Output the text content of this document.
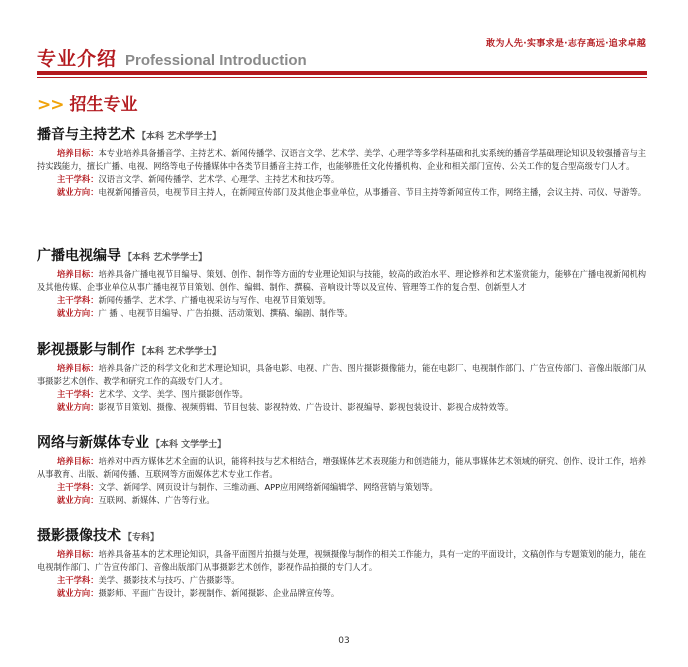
敢为人先·实事求是·志存高远·追求卓越
专业介绍 Professional Introduction
>> 招生专业
播音与主持艺术 【本科 艺术学学士】
培养目标：本专业培养具备播音学、主持艺术、新闻传播学、汉语言文学、艺术学、美学、心理学等多学科基础和扎实系统的播音学基础理论知识及较强播音与主持实践能力，擅长广播、电视、网络等电子传播媒体中各类节目播音主持工作，也能够胜任文化传播机构、企业和相关部门宣传、公关工作的复合型高级专门人才。
主干学科：汉语言文学、新闻传播学、艺术学、心理学、主持艺术和技巧等。
就业方向：电视新闻播音员，电视节目主持人，在新闻宣传部门及其他企事业单位，从事播音、节目主持等新闻宣传工作，网络主播，会议主持、司仪、导游等。
广播电视编导 【本科 艺术学学士】
培养目标：培养具备广播电视节目编导、策划、创作、制作等方面的专业理论知识与技能，较高的政治水平、理论修养和艺术鉴赏能力，能够在广播电视新闻机构及其他传媒、企事业单位从事广播电视节目策划、创作、编辑、制作、撰稿、音响设计等以及宣传、管理等工作的复合型、创新型人才
主干学科：新闻传播学、艺术学、广播电视采访与写作、电视节目策划等。
就业方向：广 播 、电视节目编导、广告拍摄、活动策划、撰稿、编剧、制作等。
影视摄影与制作 【本科 艺术学学士】
培养目标：培养具备广泛的科学文化和艺术理论知识，具备电影、电视、广告、图片摄影摄像能力，能在电影厂、电视制作部门、广告宣传部门、音像出版部门从事摄影艺术创作、教学和研究工作的高级专门人才。
主干学科：艺术学、文学、美学、图片摄影创作等。
就业方向：影视节目策划、摄像、视频剪辑、节目包装、影视特效、广告设计、影视编导、影视包装设计、影视合成特效等。
网络与新媒体专业 【本科 文学学士】
培养目标：培养对中西方媒体艺术全面的认识，能将科技与艺术相结合，增强媒体艺术表现能力和创造能力，能从事媒体艺术领域的研究、创作、设计工作，培养从事教育、出版、新闻传播、互联网等方面媒体艺术专业工作者。
主干学科：文学、新闻学、网页设计与制作、三维动画、APP应用网络新闻编辑学、网络营销与策划等。
就业方向：互联网、新媒体、广告等行业。
摄影摄像技术 【专科】
培养目标：培养具备基本的艺术理论知识，具备平面图片拍摄与处理，视频摄像与制作的相关工作能力，具有一定的平面设计，文稿创作与专题策划的能力，能在电视制作部门、广告宣传部门、音像出版部门从事摄影艺术创作，影视作品拍摄的专门人才。
主干学科：美学、摄影技术与技巧、广告摄影等。
就业方向：摄影师、平面广告设计，影视制作、新闻摄影、企业品牌宣传等。
03
